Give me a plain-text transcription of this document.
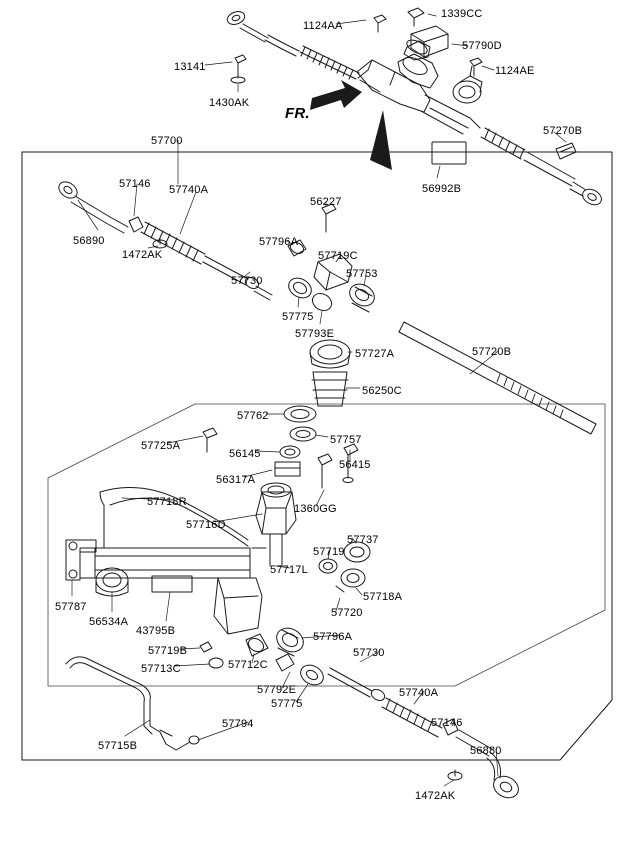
1339CC
1124AA
57790D
1124AE
13141
1430AK
57270B
FR.
57700
56992B
57146 57740A
56227
56890
1472AK
57796A
57719C
57730
57753
57775
57793E
57727A	57720B
56250C
57762
57757
57725A
56145
56317A
56415
1360GG
57718R
57716D
57737
57719
57717L
57718A
57720
57787
56534A
43795B
57719B
57713C	57712C
57796A
57792E
57775
57730
57740A
57146
56880
1472AK
57794
57715B
